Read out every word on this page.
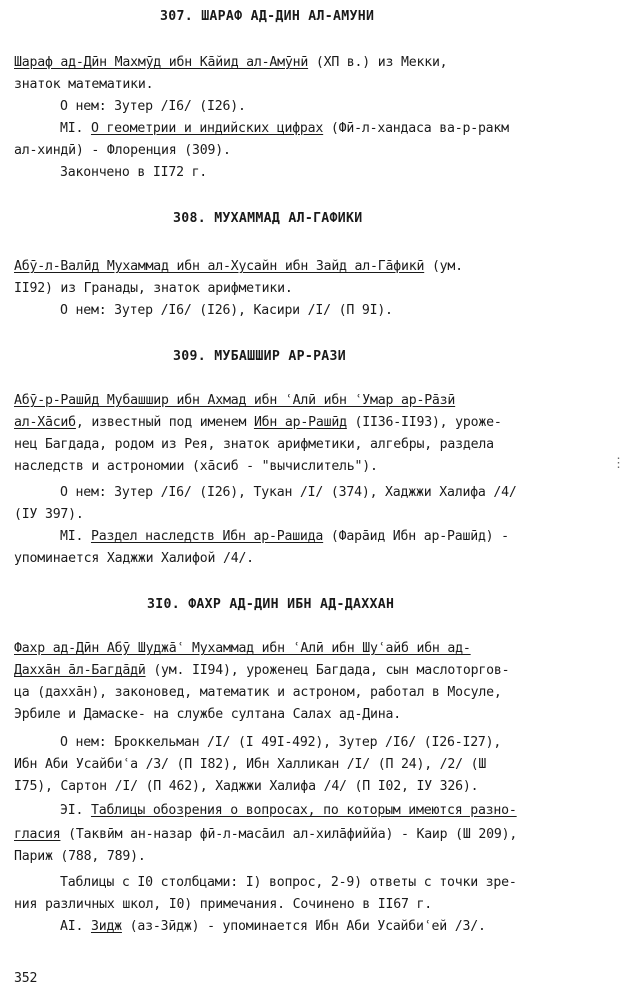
⋮
307. ШАРАФ АД-ДИН АЛ-АМУНИ
Шараф ад-Дӣн Махмӯд ибн Ка̄йид ал-Амӯнӣ (ХП в.) из Мекки,
знаток математики.
О нем: Зутер /I6/ (I26).
МI. О геометрии и индийских цифрах (Фӣ-л-хандаса ва-р-ракм
ал-хиндӣ) - Флоренция (309).
Закончено в II72 г.
308. МУХАММАД АЛ-ГАФИКИ
Абӯ-л-Валӣд Мухаммад ибн ал-Хусайн ибн Зайд ал-Га̄фикӣ (ум.
II92) из Гранады, знаток арифметики.
О нем: Зутер /I6/ (I26), Касири /I/ (П 9I).
309. МУБАШШИР АР-РАЗИ
Абӯ-р-Рашӣд Мубашшир ибн Ахмад ибн ʿАлӣ ибн ʿУмар ар-Ра̄зӣ
ал-Ха̄сиб, известный под именем Ибн ар-Рашӣд (II36-II93), уроже-
нец Багдада, родом из Рея, знаток арифметики, алгебры, раздела
наследств и астрономии (ха̄сиб - "вычислитель").
О нем: Зутер /I6/ (I26), Тукан /I/ (374), Хаджжи Халифа /4/
(IУ 397).
МI. Раздел наследств Ибн ар-Рашида (Фара̄ид Ибн ар-Рашӣд) -
упоминается Хаджжи Халифой /4/.
3I0. ФАХР АД-ДИН ИБН АД-ДАХХАН
Фахр ад-Дӣн Абӯ Шуджа̄ʿ Мухаммад ибн ʿАлӣ ибн Шуʿайб ибн ад-
Дахха̄н а̄л-Багда̄дӣ (ум. II94), уроженец Багдада, сын маслоторгов-
ца (дахха̄н), законовед, математик и астроном, работал в Мосуле,
Эрбиле и Дамаске- на службе султана Салах ад-Дина.
О нем: Броккельман /I/ (I 49I-492), Зутер /I6/ (I26-I27),
Ибн Аби Усайбиʿа /3/ (П I82), Ибн Халликан /I/ (П 24), /2/ (Ш
I75), Сартон /I/ (П 462), Хаджжи Халифа /4/ (П I02, IУ 326).
ЭI. Таблицы обозрения о вопросах, по которым имеются разно-
гласия (Таквӣм ан-назар фӣ-л-маса̄ил ал-хила̄фиййа) - Каир (Ш 209),
Париж (788, 789).
Таблицы с I0 столбцами: I) вопрос, 2-9) ответы с точки зре-
ния различных школ, I0) примечания. Сочинено в II67 г.
АI. Зидж (аз-Зӣдж) - упоминается Ибн Аби Усайбиʿей /3/.
352
